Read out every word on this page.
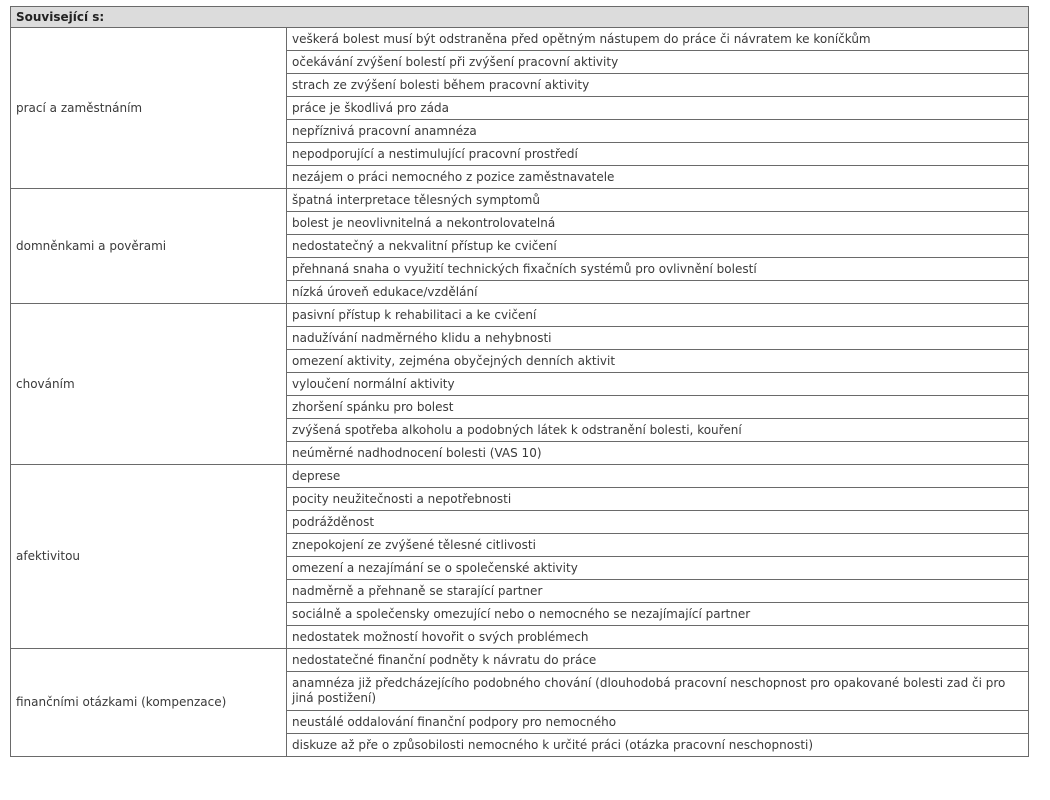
Související s:	
prací a zaměstnáním	veškerá bolest musí být odstraněna před opětným nástupem do práce či návratem ke koníčkům
	očekávání zvýšení bolestí při zvýšení pracovní aktivity
	strach ze zvýšení bolesti během pracovní aktivity
	práce je škodlivá pro záda
	nepříznivá pracovní anamnéza
	nepodporující a nestimulující pracovní prostředí
	nezájem o práci nemocného z pozice zaměstnavatele
domněnkami a pověrami	špatná interpretace tělesných symptomů
	bolest je neovlivnitelná a nekontrolovatelná
	nedostatečný a nekvalitní přístup ke cvičení
	přehnaná snaha o využití technických fixačních systémů pro ovlivnění bolestí
	nízká úroveň edukace/vzdělání
chováním	pasivní přístup k rehabilitaci a ke cvičení
	nadužívání nadměrného klidu a nehybnosti
	omezení aktivity, zejména obyčejných denních aktivit
	vyloučení normální aktivity
	zhoršení spánku pro bolest
	zvýšená spotřeba alkoholu a podobných látek k odstranění bolesti, kouření
	neúměrné nadhodnocení bolesti (VAS 10)
afektivitou	deprese
	pocity neužitečnosti a nepotřebnosti
	podrážděnost
	znepokojení ze zvýšené tělesné citlivosti
	omezení a nezajímání se o společenské aktivity
	nadměrně a přehnaně se starající partner
	sociálně a společensky omezující nebo o nemocného se nezajímající partner
	nedostatek možností hovořit o svých problémech
finančními otázkami (kompenzace)	nedostatečné finanční podněty k návratu do práce
	anamnéza již předcházejícího podobného chování (dlouhodobá pracovní neschopnost pro opakované bolesti zad či pro jiná postižení)
	neustálé oddalování finanční podpory pro nemocného
	diskuze až pře o způsobilosti nemocného k určité práci (otázka pracovní neschopnosti)
